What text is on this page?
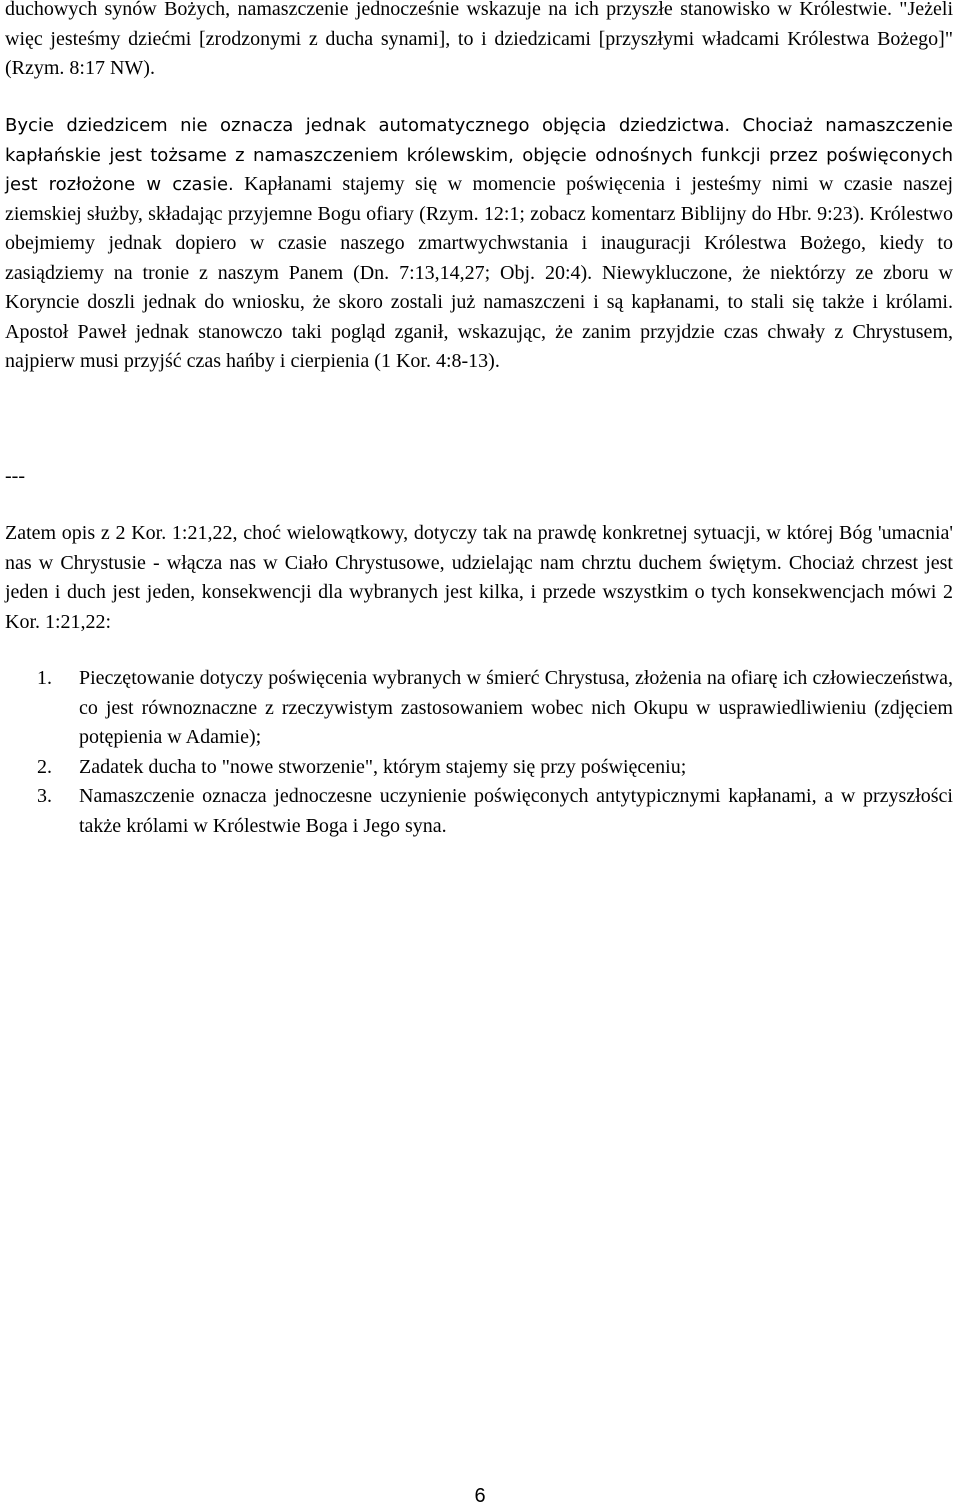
duchowych synów Bożych, namaszczenie jednocześnie wskazuje na ich przyszłe stanowisko w Królestwie. "Jeżeli więc jesteśmy dziećmi [zrodzonymi z ducha synami], to i dziedzicami [przyszłymi władcami Królestwa Bożego]" (Rzym. 8:17 NW).

Bycie dziedzicem nie oznacza jednak automatycznego objęcia dziedzictwa. Chociaż namaszczenie kapłańskie jest tożsame z namaszczeniem królewskim, objęcie odnośnych funkcji przez poświęconych jest rozłożone w czasie. Kapłanami stajemy się w momencie poświęcenia i jesteśmy nimi w czasie naszej ziemskiej służby, składając przyjemne Bogu ofiary (Rzym. 12:1; zobacz komentarz Biblijny do Hbr. 9:23). Królestwo obejmiemy jednak dopiero w czasie naszego zmartwychwstania i inauguracji Królestwa Bożego, kiedy to zasiądziemy na tronie z naszym Panem (Dn. 7:13,14,27; Obj. 20:4). Niewykluczone, że niektórzy ze zboru w Koryncie doszli jednak do wniosku, że skoro zostali już namaszczeni i są kapłanami, to stali się także i królami. Apostoł Paweł jednak stanowczo taki pogląd zganił, wskazując, że zanim przyjdzie czas chwały z Chrystusem, najpierw musi przyjść czas hańby i cierpienia (1 Kor. 4:8-13).

---

Zatem opis z 2 Kor. 1:21,22, choć wielowątkowy, dotyczy tak na prawdę konkretnej sytuacji, w której Bóg 'umacnia' nas w Chrystusie - włącza nas w Ciało Chrystusowe, udzielając nam chrztu duchem świętym. Chociaż chrzest jest jeden i duch jest jeden, konsekwencji dla wybranych jest kilka, i przede wszystkim o tych konsekwencjach mówi 2 Kor. 1:21,22:

1. Pieczętowanie dotyczy poświęcenia wybranych w śmierć Chrystusa, złożenia na ofiarę ich człowieczeństwa, co jest równoznaczne z rzeczywistym zastosowaniem wobec nich Okupu w usprawiedliwieniu (zdjęciem potępienia w Adamie);
2. Zadatek ducha to "nowe stworzenie", którym stajemy się przy poświęceniu;
3. Namaszczenie oznacza jednoczesne uczynienie poświęconych antytypicznymi kapłanami, a w przyszłości także królami w Królestwie Boga i Jego syna.
6
